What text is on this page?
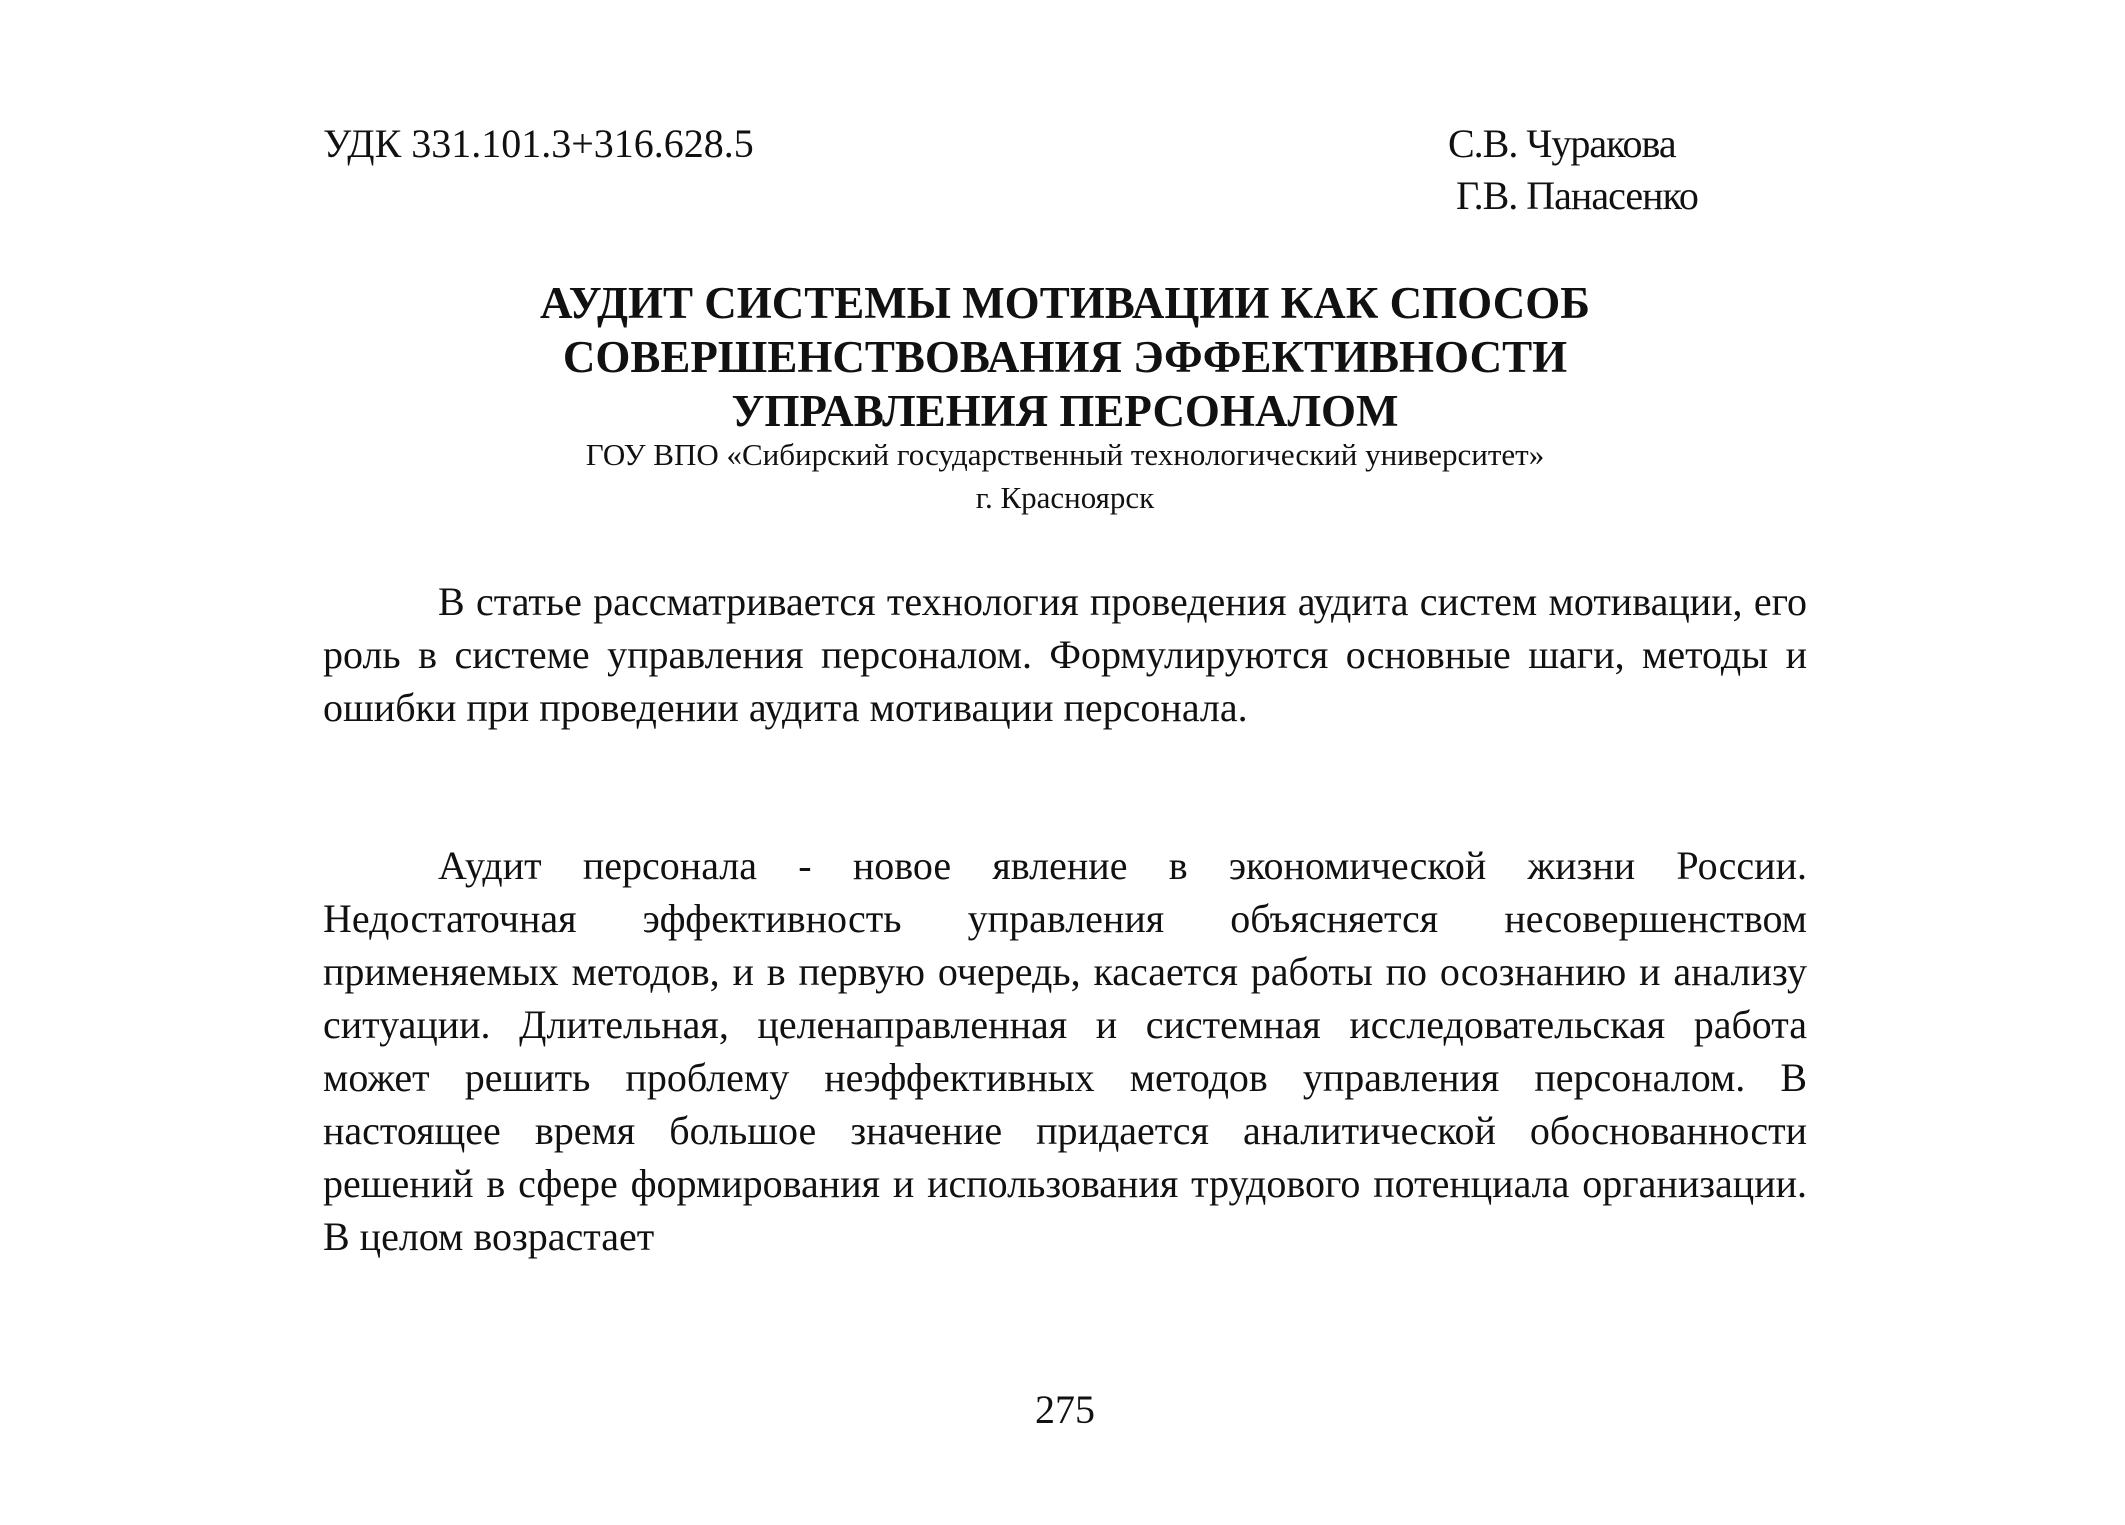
УДК 331.101.3+316.628.5	С.В. Чуракова
Г.В. Панасенко
АУДИТ СИСТЕМЫ МОТИВАЦИИ КАК СПОСОБ
СОВЕРШЕНСТВОВАНИЯ ЭФФЕКТИВНОСТИ
УПРАВЛЕНИЯ ПЕРСОНАЛОМ
ГОУ ВПО «Сибирский государственный технологический университет»
г. Красноярск

В статье рассматривается технология проведения аудита систем мотивации, его роль в системе управления персоналом. Формулируются основные шаги, методы и ошибки при проведении аудита мотивации персонала.

Аудит персонала - новое явление в экономической жизни России. Недостаточная эффективность управления объясняется несовершенством применяемых методов, и в первую очередь, касается работы по осознанию и анализу ситуации. Длительная, целенаправленная и системная исследовательская работа может решить проблему неэффективных методов управления персоналом. В настоящее время большое значение придается аналитической обоснованности решений в сфере формирования и использования трудового потенциала организации. В целом возрастает

275
